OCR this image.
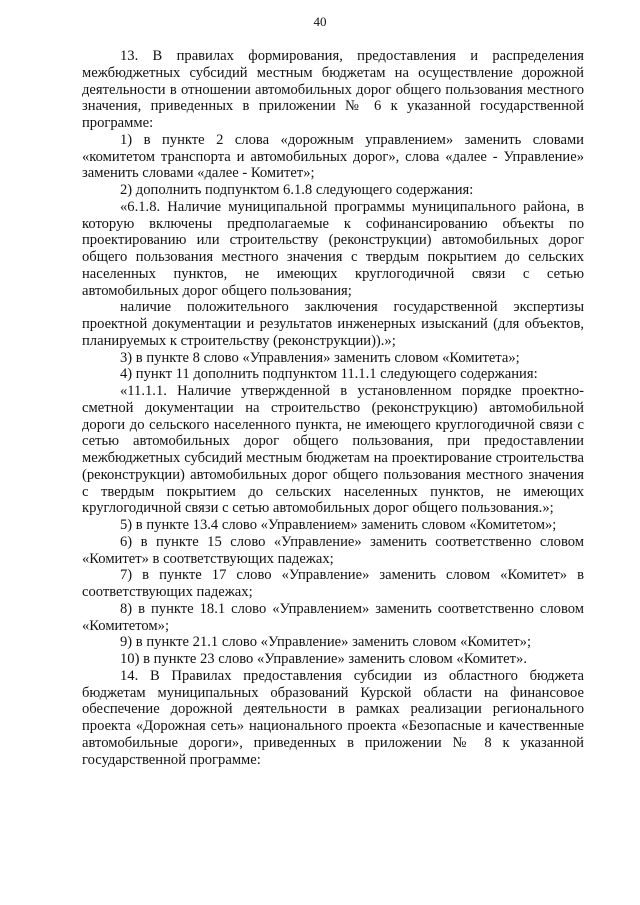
40

13. В правилах формирования, предоставления и распределения межбюджетных субсидий местным бюджетам на осуществление дорожной деятельности в отношении автомобильных дорог общего пользования местного значения, приведенных в приложении № 6 к указанной государственной программе:

1) в пункте 2 слова «дорожным управлением» заменить словами «комитетом транспорта и автомобильных дорог», слова «далее - Управление» заменить словами «далее - Комитет»;

2) дополнить подпунктом 6.1.8 следующего содержания:

«6.1.8. Наличие муниципальной программы муниципального района, в которую включены предполагаемые к софинансированию объекты по проектированию или строительству (реконструкции) автомобильных дорог общего пользования местного значения с твердым покрытием до сельских населенных пунктов, не имеющих круглогодичной связи с сетью автомобильных дорог общего пользования;

наличие положительного заключения государственной экспертизы проектной документации и результатов инженерных изысканий (для объектов, планируемых к строительству (реконструкции)).»;

3) в пункте 8 слово «Управления» заменить словом «Комитета»;

4) пункт 11 дополнить подпунктом 11.1.1 следующего содержания:

«11.1.1. Наличие утвержденной в установленном порядке проектно-сметной документации на строительство (реконструкцию) автомобильной дороги до сельского населенного пункта, не имеющего круглогодичной связи с сетью автомобильных дорог общего пользования, при предоставлении межбюджетных субсидий местным бюджетам на проектирование строительства (реконструкции) автомобильных дорог общего пользования местного значения с твердым покрытием до сельских населенных пунктов, не имеющих круглогодичной связи с сетью автомобильных дорог общего пользования.»;

5) в пункте 13.4 слово «Управлением» заменить словом «Комитетом»;

6) в пункте 15 слово «Управление» заменить соответственно словом «Комитет» в соответствующих падежах;

7) в пункте 17 слово «Управление» заменить словом «Комитет» в соответствующих падежах;

8) в пункте 18.1 слово «Управлением» заменить соответственно словом «Комитетом»;

9) в пункте 21.1 слово «Управление» заменить словом «Комитет»;

10) в пункте 23 слово «Управление» заменить словом «Комитет».

14. В Правилах предоставления субсидии из областного бюджета бюджетам муниципальных образований Курской области на финансовое обеспечение дорожной деятельности в рамках реализации регионального проекта «Дорожная сеть» национального проекта «Безопасные и качественные автомобильные дороги», приведенных в приложении № 8 к указанной государственной программе:
